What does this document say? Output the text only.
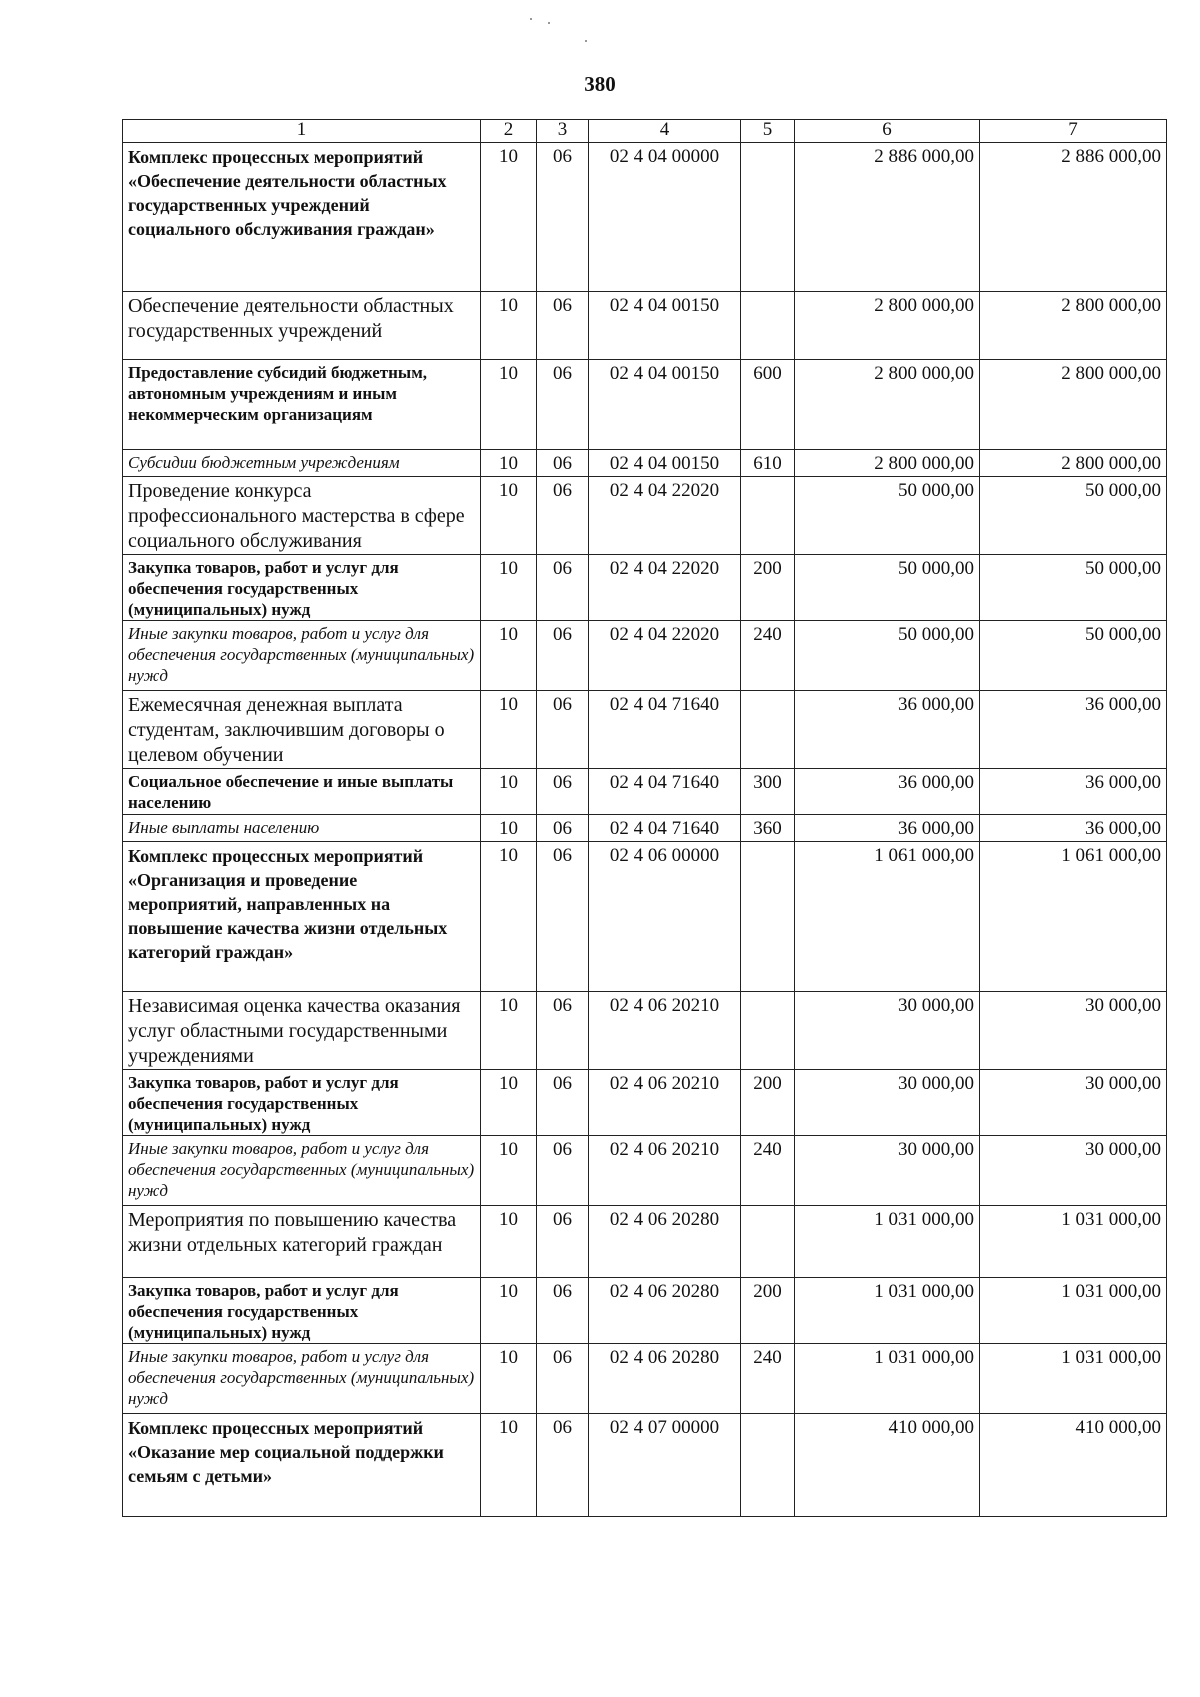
380
1	2	3	4	5	6	7
Комплекс процессных мероприятий «Обеспечение деятельности областных государственных учреждений социального обслуживания граждан»	10	06	02 4 04 00000		2 886 000,00	2 886 000,00
Обеспечение деятельности областных государственных учреждений	10	06	02 4 04 00150		2 800 000,00	2 800 000,00
Предоставление субсидий бюджетным, автономным учреждениям и иным некоммерческим организациям	10	06	02 4 04 00150	600	2 800 000,00	2 800 000,00
Субсидии бюджетным учреждениям	10	06	02 4 04 00150	610	2 800 000,00	2 800 000,00
Проведение конкурса профессионального мастерства в сфере социального обслуживания	10	06	02 4 04 22020		50 000,00	50 000,00
Закупка товаров, работ и услуг для обеспечения государственных (муниципальных) нужд	10	06	02 4 04 22020	200	50 000,00	50 000,00
Иные закупки товаров, работ и услуг для обеспечения государственных (муниципальных) нужд	10	06	02 4 04 22020	240	50 000,00	50 000,00
Ежемесячная денежная выплата студентам, заключившим договоры о целевом обучении	10	06	02 4 04 71640		36 000,00	36 000,00
Социальное обеспечение и иные выплаты населению	10	06	02 4 04 71640	300	36 000,00	36 000,00
Иные выплаты населению	10	06	02 4 04 71640	360	36 000,00	36 000,00
Комплекс процессных мероприятий «Организация и проведение мероприятий, направленных на повышение качества жизни отдельных категорий граждан»	10	06	02 4 06 00000		1 061 000,00	1 061 000,00
Независимая оценка качества оказания услуг областными государственными учреждениями	10	06	02 4 06 20210		30 000,00	30 000,00
Закупка товаров, работ и услуг для обеспечения государственных (муниципальных) нужд	10	06	02 4 06 20210	200	30 000,00	30 000,00
Иные закупки товаров, работ и услуг для обеспечения государственных (муниципальных) нужд	10	06	02 4 06 20210	240	30 000,00	30 000,00
Мероприятия по повышению качества жизни отдельных категорий граждан	10	06	02 4 06 20280		1 031 000,00	1 031 000,00
Закупка товаров, работ и услуг для обеспечения государственных (муниципальных) нужд	10	06	02 4 06 20280	200	1 031 000,00	1 031 000,00
Иные закупки товаров, работ и услуг для обеспечения государственных (муниципальных) нужд	10	06	02 4 06 20280	240	1 031 000,00	1 031 000,00
Комплекс процессных мероприятий «Оказание мер социальной поддержки семьям с детьми»	10	06	02 4 07 00000		410 000,00	410 000,00
